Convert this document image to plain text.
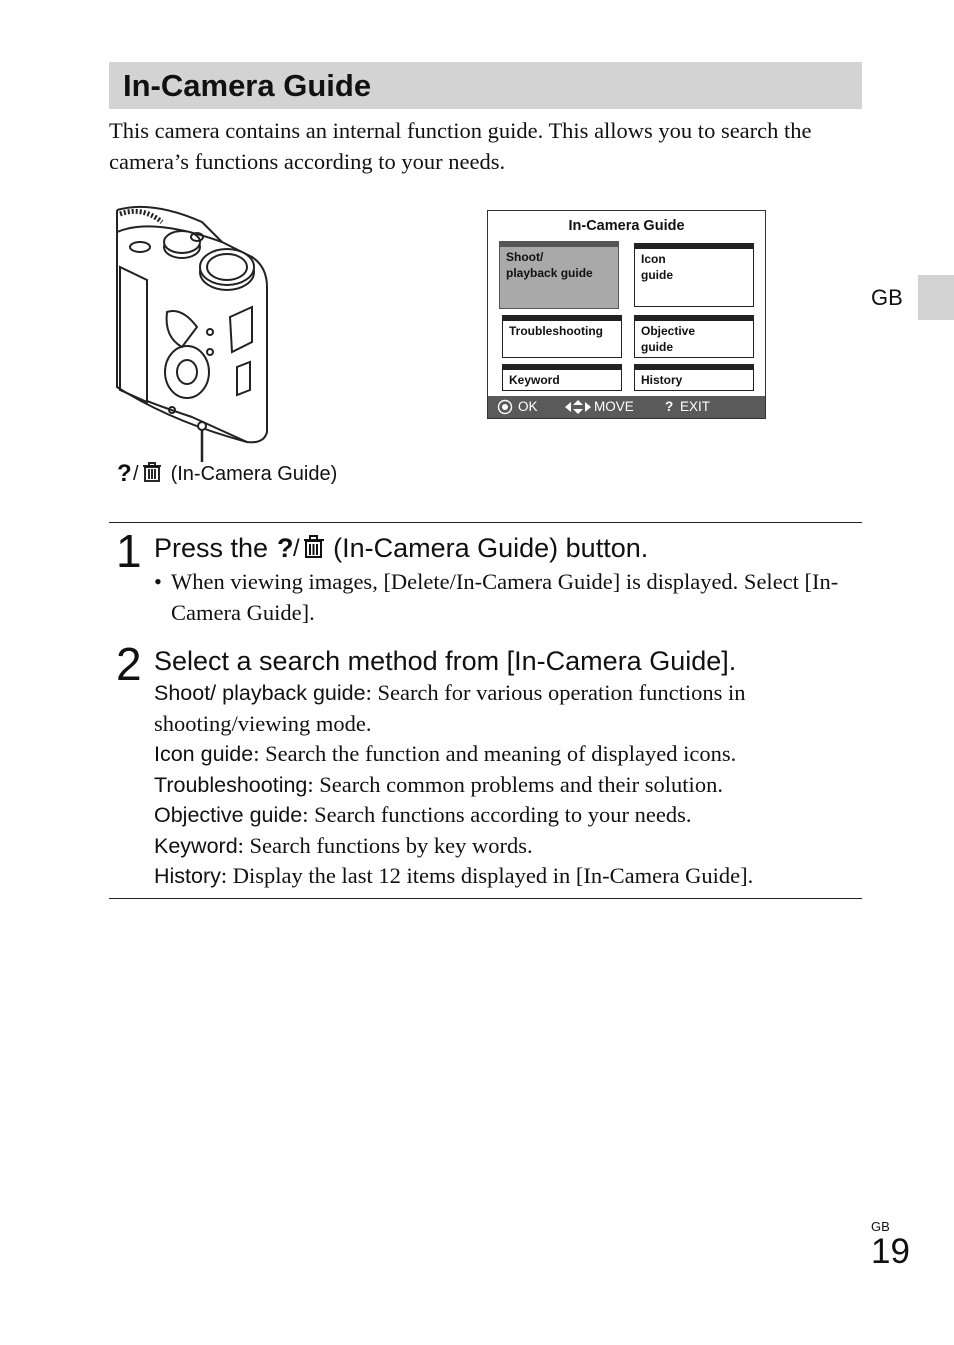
In-Camera Guide

This camera contains an internal function guide. This allows you to search the camera’s functions according to your needs.

GB
? / (In-Camera Guide)
In-Camera Guide
Shoot/
playback guide
Icon
guide
Troubleshooting	Objective
guide
Keyword	History
OK	MOVE ? EXIT
1 Press the ? / (In-Camera Guide) button.
• When viewing images, [Delete/In-Camera Guide] is displayed. Select [In-Camera Guide].
2 Select a search method from [In-Camera Guide].
Shoot/ playback guide: Search for various operation functions in shooting/viewing mode.
Icon guide: Search the function and meaning of displayed icons.
Troubleshooting: Search common problems and their solution.
Objective guide: Search functions according to your needs.
Keyword: Search functions by key words.
History: Display the last 12 items displayed in [In-Camera Guide].
GB
19
